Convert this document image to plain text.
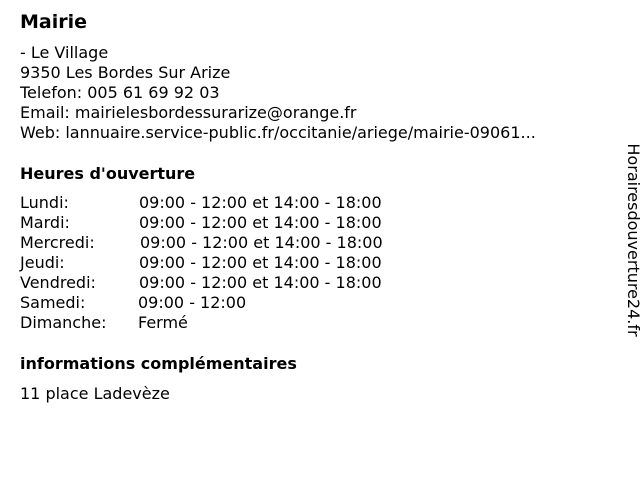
Mairie
- Le Village
9350 Les Bordes Sur Arize
Telefon: 005 61 69 92 03
Email: mairielesbordessurarize@orange.fr
Web: lannuaire.service-public.fr/occitanie/ariege/mairie-09061...
Heures d'ouverture
Lundi:	09:00 - 12:00 et 14:00 - 18:00
Mardi:	09:00 - 12:00 et 14:00 - 18:00
Mercredi:	09:00 - 12:00 et 14:00 - 18:00
Jeudi:	09:00 - 12:00 et 14:00 - 18:00
Vendredi:	09:00 - 12:00 et 14:00 - 18:00
Samedi:	09:00 - 12:00
Dimanche: Fermé
informations complémentaires
11 place Ladevèze
Horairesdouverture24.fr
